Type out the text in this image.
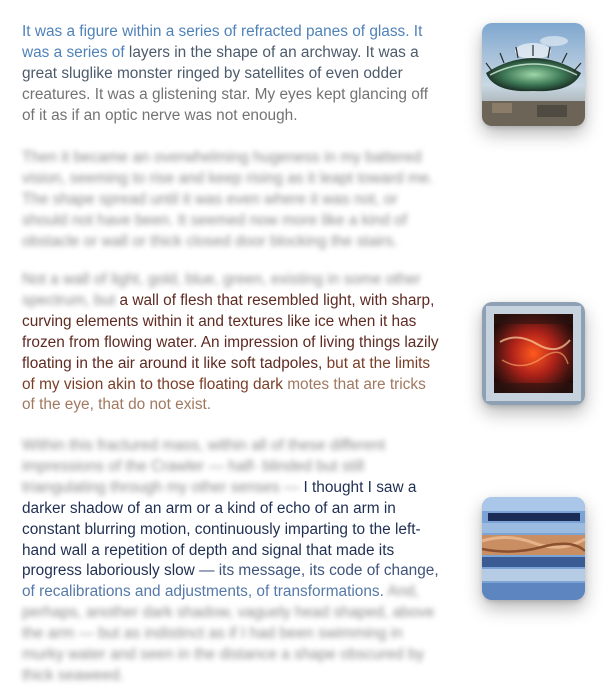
It was a figure within a series of refracted panes of glass. It was a series of layers in the shape of an archway. It was a great sluglike monster ringed by satellites of even odder creatures. It was a glistening star. My eyes kept glancing off of it as if an optic nerve was not enough.

Then it became an overwhelming hugeness in my battered vision, seeming to rise and keep rising as it leapt toward me. The shape spread until it was even where it was not, or should not have been. It seemed now more like a kind of obstacle or wall or thick closed door blocking the stairs.

Not a wall of light, gold, blue, green, existing in some other spectrum, but a wall of flesh that resembled light, with sharp, curving elements within it and textures like ice when it has frozen from flowing water. An impression of living things lazily floating in the air around it like soft tadpoles, but at the limits of my vision akin to those floating dark motes that are tricks of the eye, that do not exist.

Within this fractured mass, within all of these different impressions of the Crawler — half- blinded but still triangulating through my other senses — I thought I saw a darker shadow of an arm or a kind of echo of an arm in constant blurring motion, continuously imparting to the left-hand wall a repetition of depth and signal that made its progress laboriously slow — its message, its code of change, of recalibrations and adjustments, of transformations. And, perhaps, another dark shadow, vaguely head shaped, above the arm — but as indistinct as if I had been swimming in murky water and seen in the distance a shape obscured by thick seaweed.
